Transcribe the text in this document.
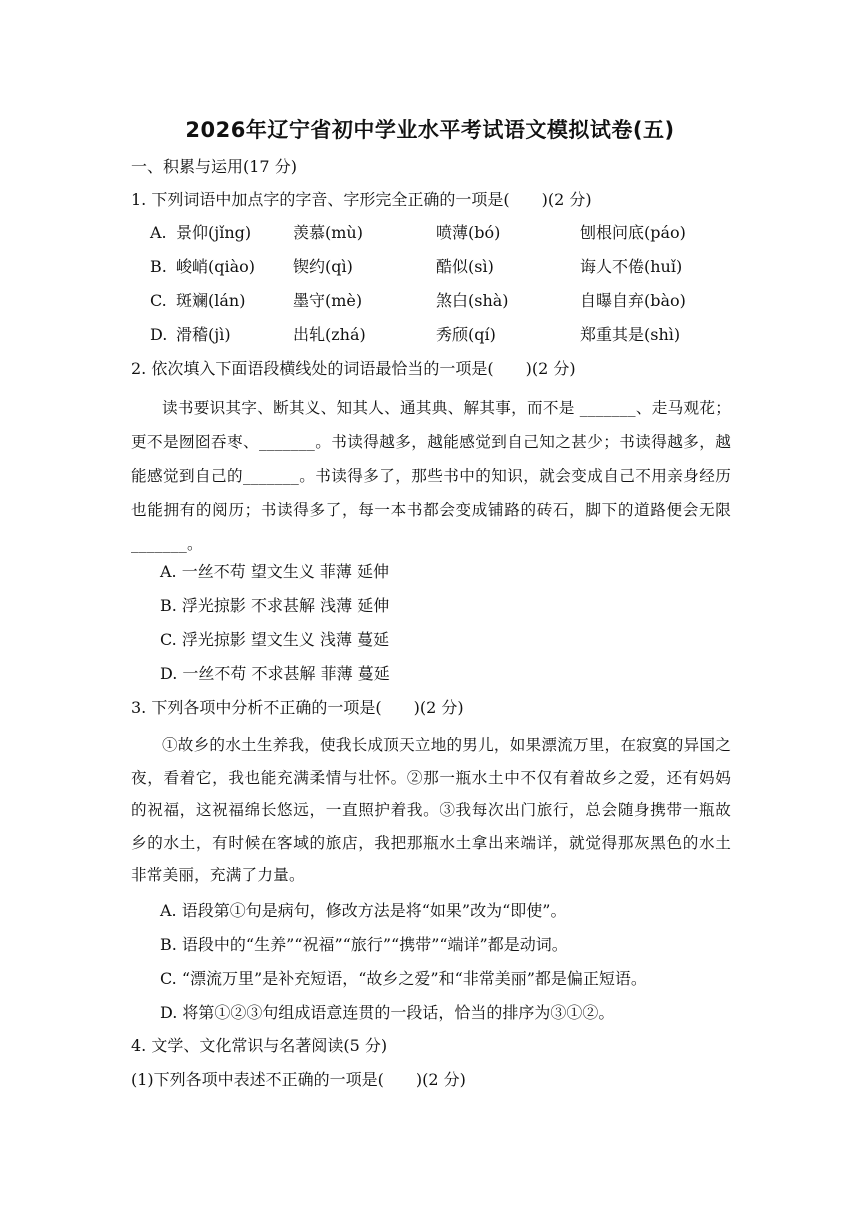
2026年辽宁省初中学业水平考试语文模拟试卷(五)
一、积累与运用(17 分)
1. 下列词语中加点字的字音、字形完全正确的一项是(　　)(2 分)
A. 景仰(jǐng)	羡慕(mù)	喷薄(bó)	刨根问底(páo)
B. 峻峭(qiào) 锲约(qì)	酷似(sì)	诲人不倦(huǐ)
C. 斑斓(lán)	墨守(mè)	煞白(shà)	自曝自弃(bào)
D. 滑稽(jì)	出轧(zhá)	秀颀(qí)	郑重其是(shì)
2. 依次填入下面语段横线处的词语最恰当的一项是(　　)(2 分)
读书要识其字、断其义、知其人、通其典、解其事，而不是 _______、走马观花；更不是囫囵吞枣、_______。书读得越多，越能感觉到自己知之甚少；书读得越多，越能感觉到自己的_______。书读得多了，那些书中的知识，就会变成自己不用亲身经历也能拥有的阅历；书读得多了，每一本书都会变成铺路的砖石，脚下的道路便会无限 _______。
A. 一丝不苟 望文生义 菲薄 延伸
B. 浮光掠影 不求甚解 浅薄 延伸
C. 浮光掠影 望文生义 浅薄 蔓延
D. 一丝不苟 不求甚解 菲薄 蔓延
3. 下列各项中分析不正确的一项是(　　)(2 分)
①故乡的水土生养我，使我长成顶天立地的男儿，如果漂流万里，在寂寞的异国之夜，看着它，我也能充满柔情与壮怀。②那一瓶水土中不仅有着故乡之爱，还有妈妈的祝福，这祝福绵长悠远，一直照护着我。③我每次出门旅行，总会随身携带一瓶故乡的水土，有时候在客域的旅店，我把那瓶水土拿出来端详，就觉得那灰黑色的水土非常美丽，充满了力量。
A. 语段第①句是病句，修改方法是将“如果”改为“即使”。
B. 语段中的“生养”“祝福”“旅行”“携带”“端详”都是动词。
C. “漂流万里”是补充短语，“故乡之爱”和“非常美丽”都是偏正短语。
D. 将第①②③句组成语意连贯的一段话，恰当的排序为③①②。
4. 文学、文化常识与名著阅读(5 分)
(1)下列各项中表述不正确的一项是(　　)(2 分)
